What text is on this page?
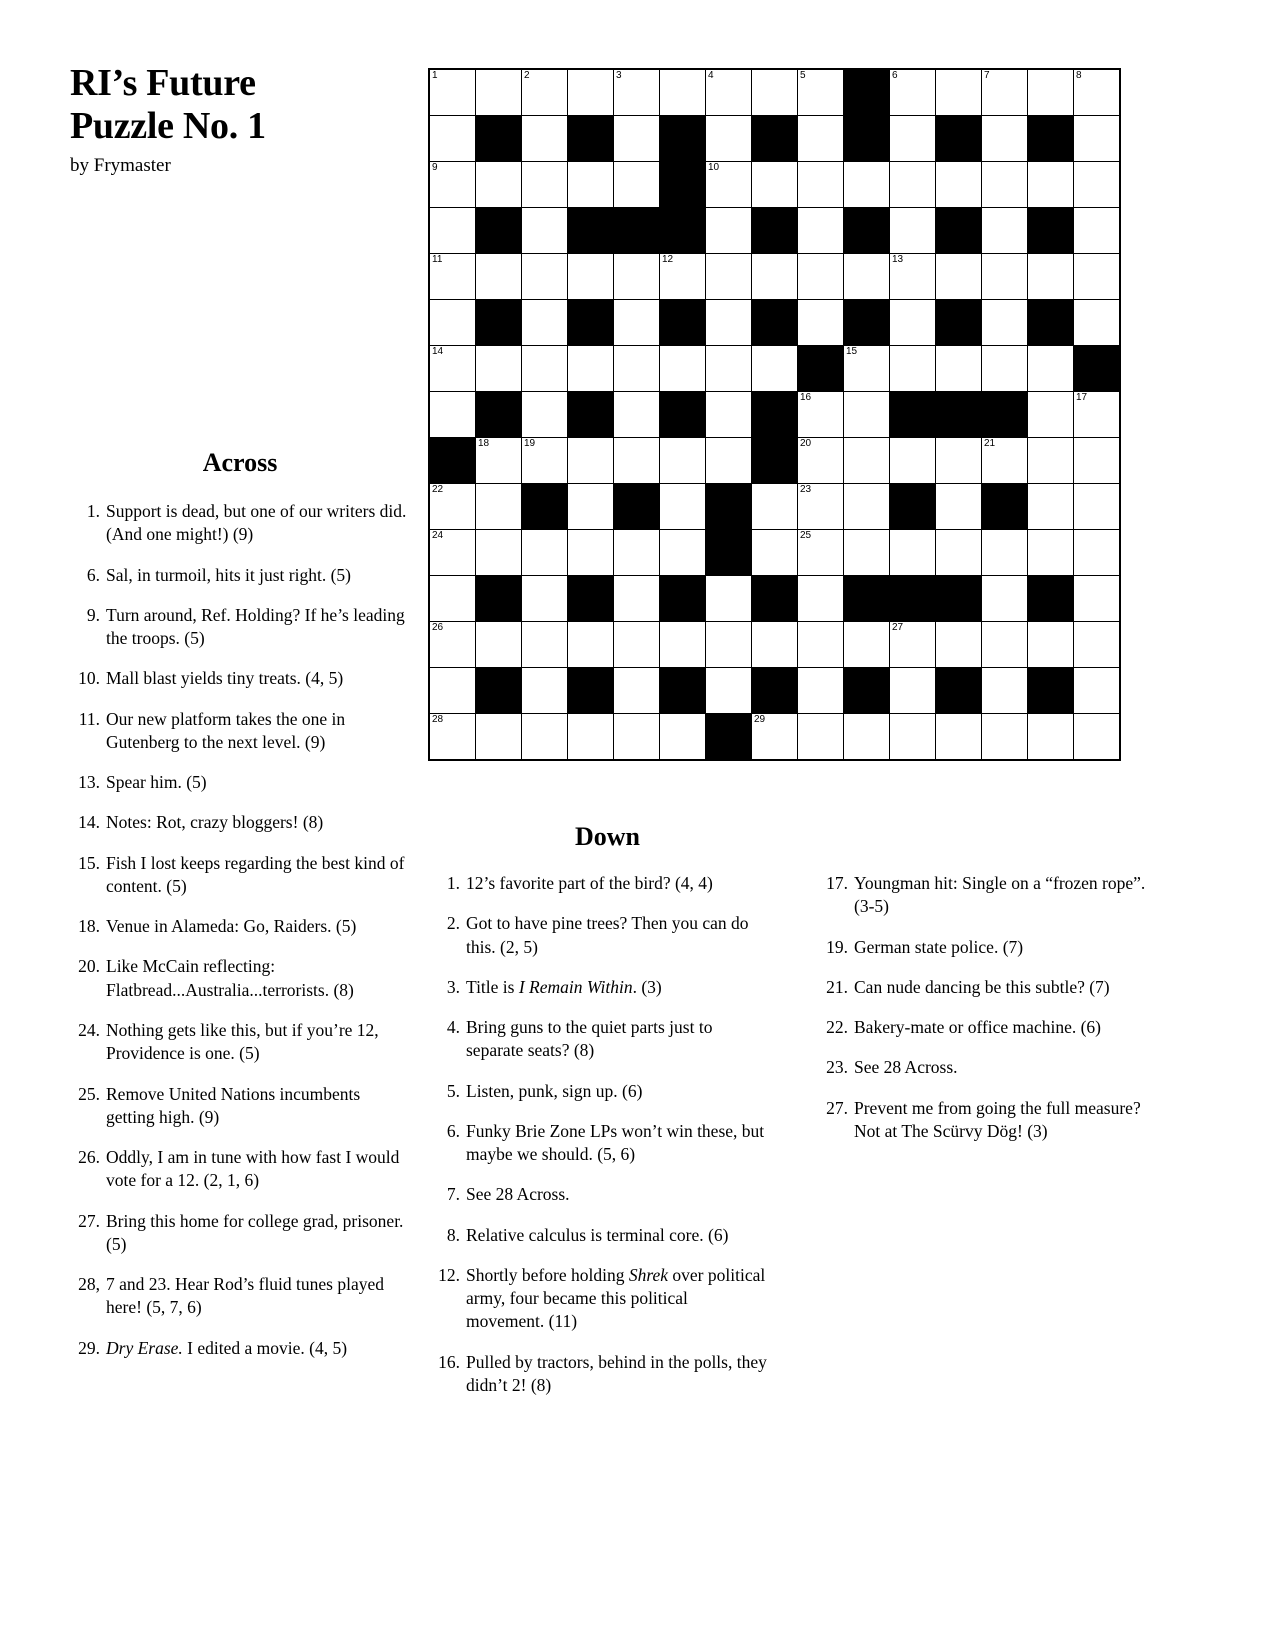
RI’s Future
Puzzle No. 1
by Frymaster
1		2		3		4		5		6		7		8

9						10								

11					12					13				

14									15					

								16						17

	18	19						20				21		

22								23						

24								25						

26										27				

28							29							

Across
1. Support is dead, but one of our writers did. (And one might!) (9)
6. Sal, in turmoil, hits it just right. (5)
9. Turn around, Ref. Holding? If he’s leading the troops. (5)
10. Mall blast yields tiny treats. (4, 5)
11. Our new platform takes the one in Gutenberg to the next level. (9)
13. Spear him. (5)
14. Notes: Rot, crazy bloggers! (8)
15. Fish I lost keeps regarding the best kind of content. (5)
18. Venue in Alameda: Go, Raiders. (5)
20. Like McCain reflecting: Flatbread...Australia...terrorists. (8)
24. Nothing gets like this, but if you’re 12, Providence is one. (5)
25. Remove United Nations incumbents getting high. (9)
26. Oddly, I am in tune with how fast I would vote for a 12. (2, 1, 6)
27. Bring this home for college grad, prisoner. (5)
28, 7 and 23. Hear Rod’s fluid tunes played here! (5, 7, 6)
29. Dry Erase. I edited a movie. (4, 5)
Down
1. 12’s favorite part of the bird? (4, 4)
2. Got to have pine trees? Then you can do this. (2, 5)
3. Title is I Remain Within. (3)
4. Bring guns to the quiet parts just to separate seats? (8)
5. Listen, punk, sign up. (6)
6. Funky Brie Zone LPs won’t win these, but maybe we should. (5, 6)
7. See 28 Across.
8. Relative calculus is terminal core. (6)
12. Shortly before holding Shrek over political army, four became this political movement. (11)
16. Pulled by tractors, behind in the polls, they didn’t 2! (8)
17. Youngman hit: Single on a “frozen rope”. (3-5)
19. German state police. (7)
21. Can nude dancing be this subtle? (7)
22. Bakery-mate or office machine. (6)
23. See 28 Across.
27. Prevent me from going the full measure? Not at The Scürvy Dög! (3)
